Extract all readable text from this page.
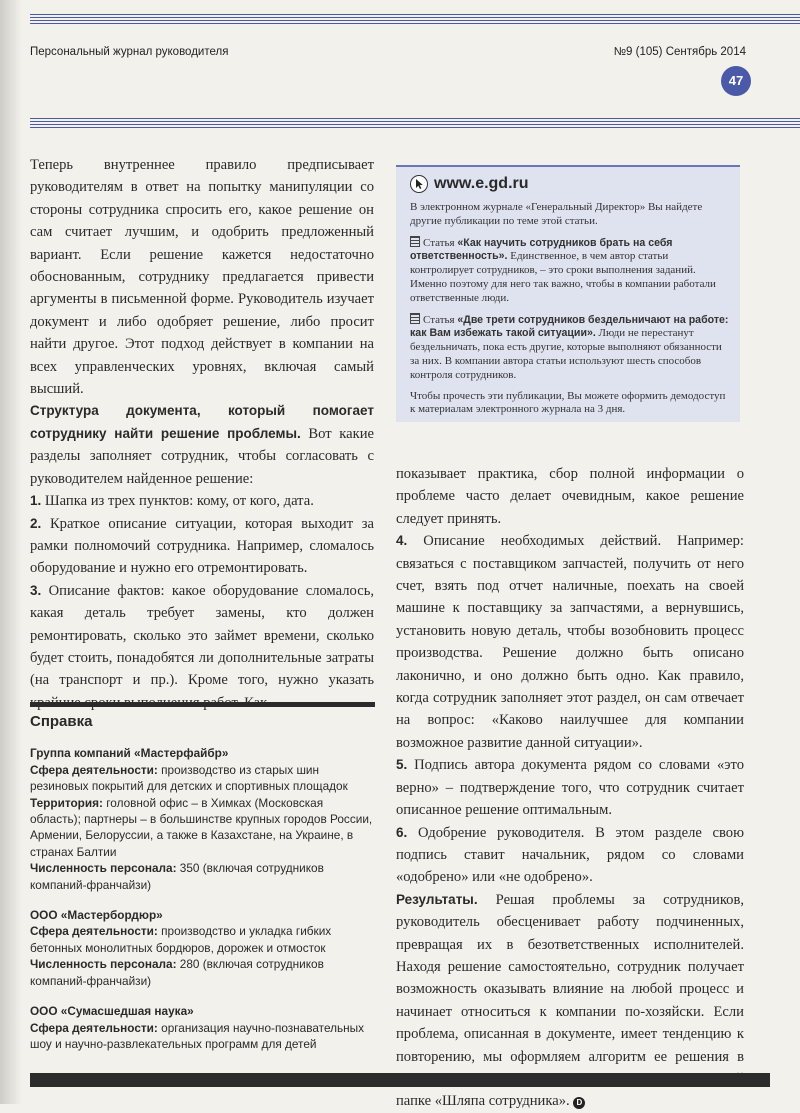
Персональный журнал руководителя	№9 (105) Сентябрь 2014
47

Теперь внутреннее правило предписывает руководителям в ответ на попытку манипуляции со стороны сотрудника спросить его, какое решение он сам считает лучшим, и одобрить предложенный вариант. Если решение кажется недостаточно обоснованным, сотруднику предлагается привести аргументы в письменной форме. Руководитель изучает документ и либо одобряет решение, либо просит найти другое. Этот подход действует в компании на всех управленческих уровнях, включая самый высший.

Структура документа, который помогает сотруднику найти решение проблемы. Вот какие разделы заполняет сотрудник, чтобы согласовать с руководителем найденное решение:

1. Шапка из трех пунктов: кому, от кого, дата.

2. Краткое описание ситуации, которая выходит за рамки полномочий сотрудника. Например, сломалось оборудование и нужно его отремонтировать.

3. Описание фактов: какое оборудование сломалось, какая деталь требует замены, кто должен ремонтировать, сколько это займет времени, сколько будет стоить, понадобятся ли дополнительные затраты (на транспорт и пр.). Кроме того, нужно указать

www.e.gd.ru

В электронном журнале «Генеральный Директор» Вы найдете другие публикации по теме этой статьи.

Статья «Как научить сотрудников брать на себя ответственность». Единственное, в чем автор статьи контролирует сотрудников, – это сроки выполнения заданий. Именно поэтому для него так важно, чтобы в компании работали ответственные люди.

Статья «Две трети сотрудников бездельничают на работе: как Вам избежать такой ситуации». Люди не перестанут бездельничать, пока есть другие, которые выполняют обязанности за них. В компании автора статьи используют шесть способов контроля сотрудников.

Чтобы прочесть эти публикации, Вы можете оформить демодоступ к материалам электронного журнала на 3 дня.

показывает практика, сбор полной информации о проблеме часто делает очевидным, какое решение следует принять.

4. Описание необходимых действий. Например: связаться с поставщиком запчастей, получить от него счет, взять под отчет наличные, поехать на своей машине к поставщику за запчастями, а вернувшись, установить новую деталь, чтобы возобновить процесс производства. Решение должно быть описано лаконично, и оно должно быть одно. Как правило, когда сотрудник заполняет этот раздел, он сам отвечает на вопрос: «Каково наилучшее для компании возможное развитие данной ситуации».

5. Подпись автора документа рядом со словами «это верно» – подтверждение того, что сотрудник считает описанное решение оптимальным.

6. Одобрение руководителя. В этом разделе свою подпись ставит начальник, рядом со словами «одобрено» или «не одобрено».

Результаты. Решая проблемы за сотрудников, руководитель обесценивает работу подчиненных, превращая их в безответственных исполнителей. Находя решение самостоятельно, сотрудник получает возможность оказывать влияние на любой процесс и начинает относиться к компании по-хозяйски. Если проблема, описанная в документе, имеет тенденцию к повторению, мы оформляем алгоритм ее решения в папке «Шляпа сотрудника». D

Справка
Группа компаний «Мастерфайбр»
Сфера деятельности: производство из старых шин резиновых покрытий для детских и спортивных площадок
Территория: головной офис – в Химках (Московская область); партнеры – в большинстве крупных городов России, Армении, Белоруссии, а также в Казахстане, на Украине, в странах Балтии
Численность персонала: 350 (включая сотрудников компаний-франчайзи)
ООО «Мастербордюр»
Сфера деятельности: производство и укладка гибких бетонных монолитных бордюров, дорожек и отмосток
Численность персонала: 280 (включая сотрудников компаний-франчайзи)
ООО «Сумасшедшая наука»
Сфера деятельности: организация научно-познавательных шоу и научно-развлекательных программ для детей
